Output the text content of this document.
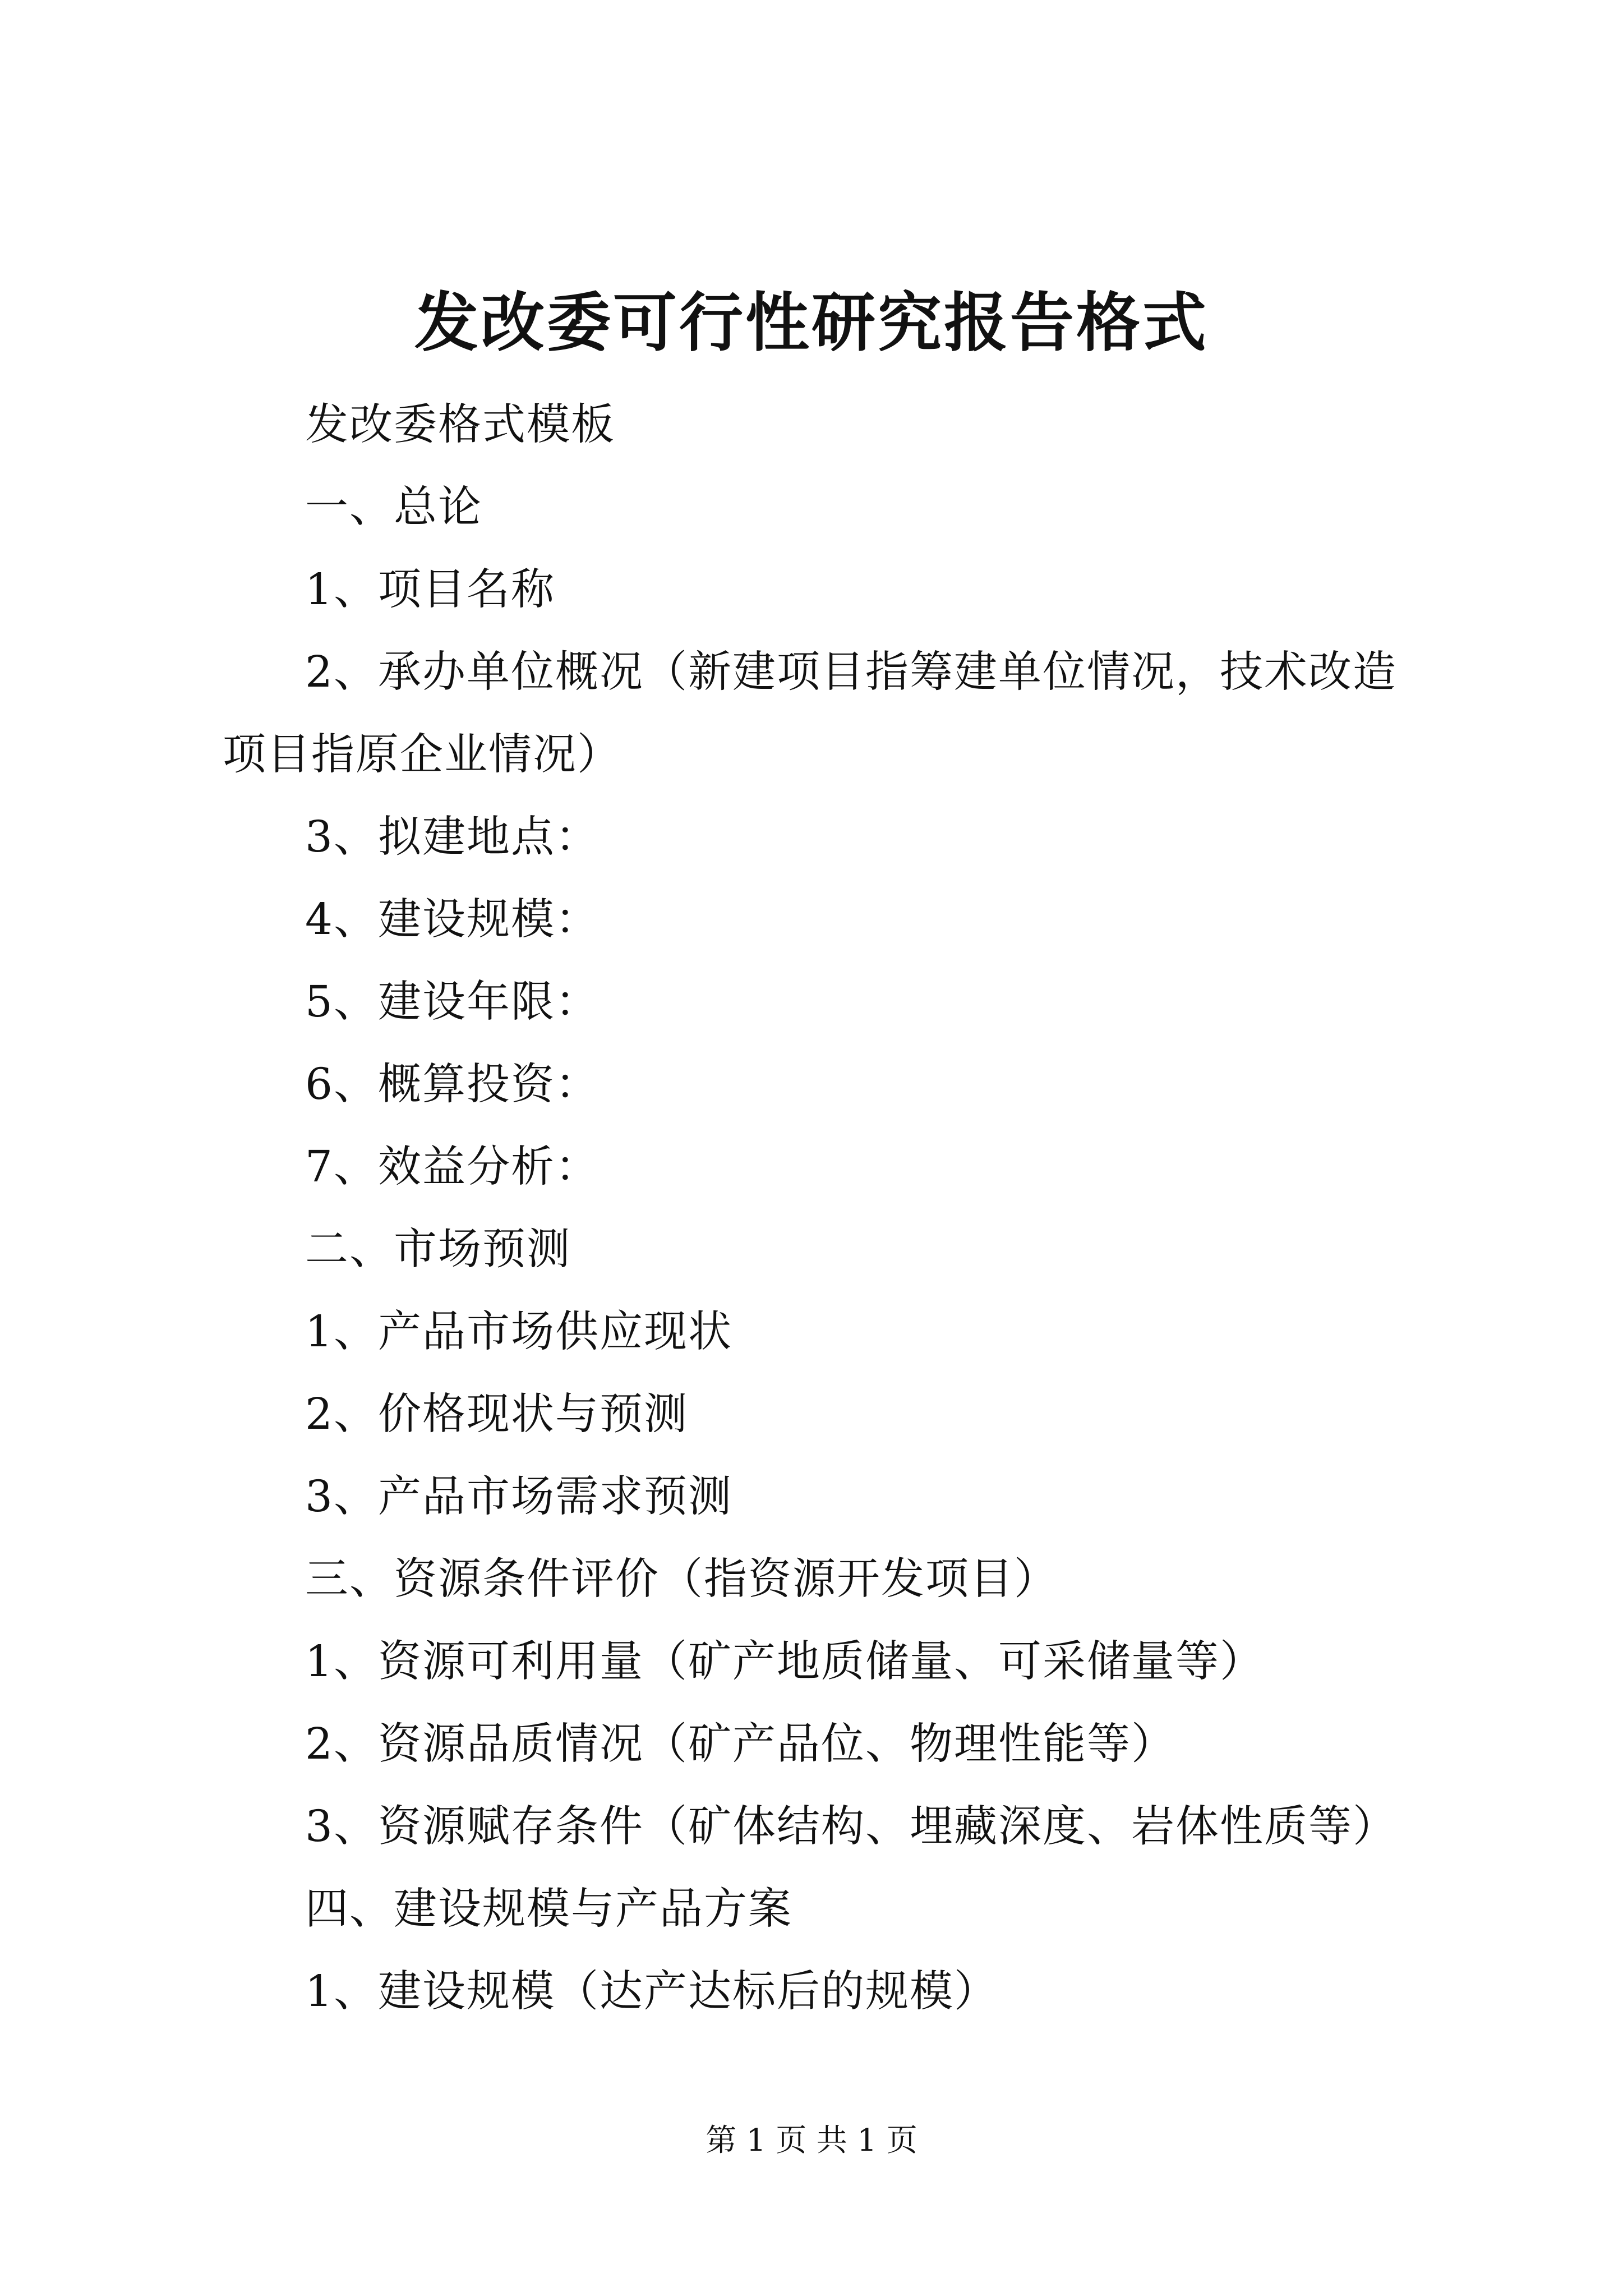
发改委可行性研究报告格式

发改委格式模板

一、总论

1、项目名称

2、承办单位概况（新建项目指筹建单位情况，技术改造项目指原企业情况）

3、拟建地点：

4、建设规模：

5、建设年限：

6、概算投资：

7、效益分析：

二、市场预测

1、产品市场供应现状

2、价格现状与预测

3、产品市场需求预测

三、资源条件评价（指资源开发项目）

1、资源可利用量（矿产地质储量、可采储量等）

2、资源品质情况（矿产品位、物理性能等）

3、资源赋存条件（矿体结构、埋藏深度、岩体性质等）

四、建设规模与产品方案

1、建设规模（达产达标后的规模）

第 1 页 共 1 页
